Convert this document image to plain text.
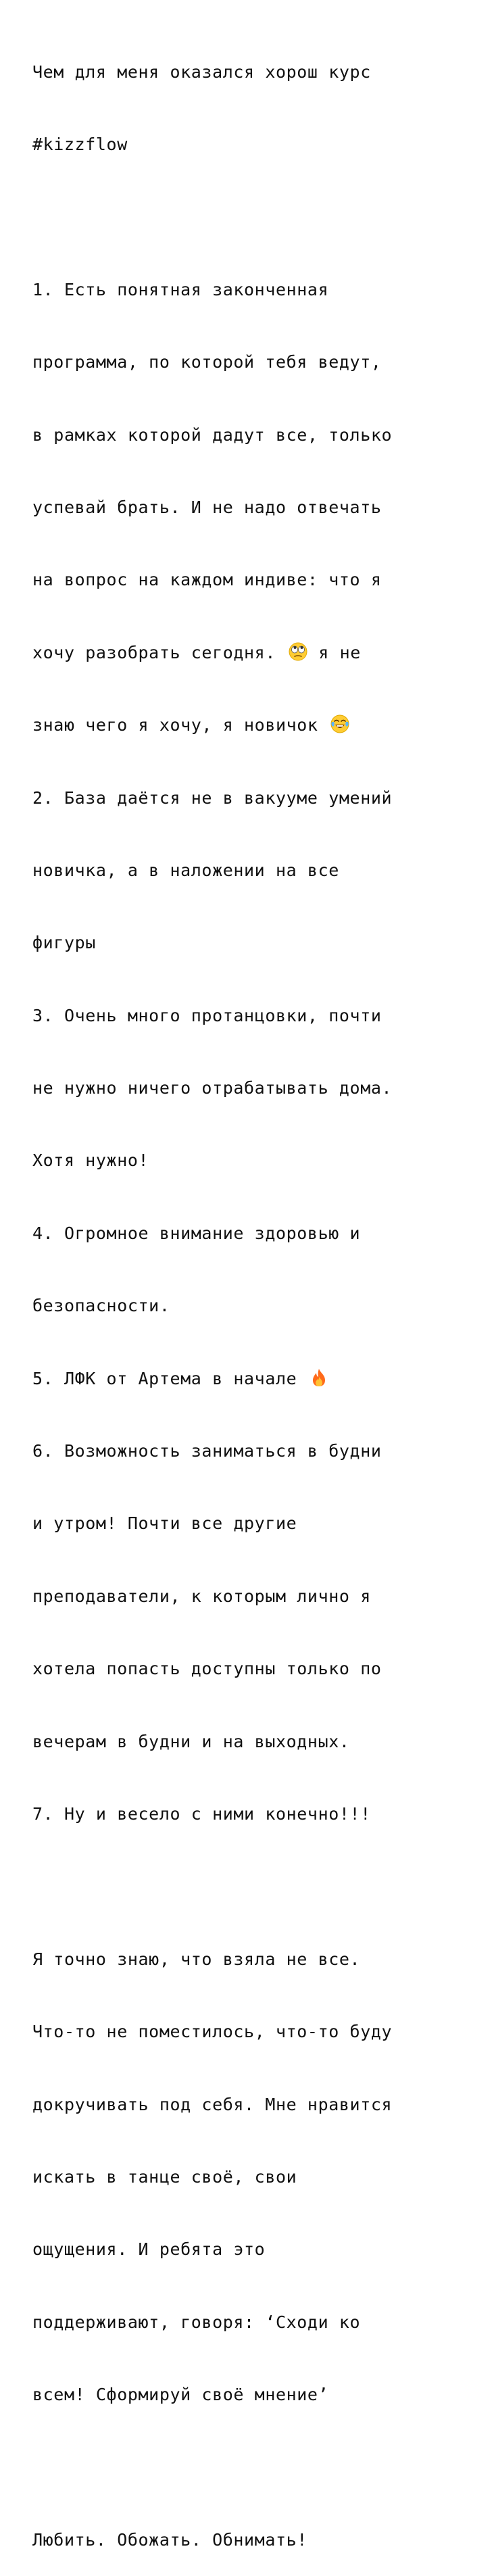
Чем для меня оказался хорош курс

#kizzflow

1. Есть понятная законченная

программа, по которой тебя ведут,

в рамках которой дадут все, только

успевай брать. И не надо отвечать

на вопрос на каждом индиве: что я

хочу разобрать сегодня.
я не

знаю чего я хочу, я новичок

2. База даётся не в вакууме умений

новичка, а в наложении на все

фигуры

3. Очень много протанцовки, почти

не нужно ничего отрабатывать дома.

Хотя нужно!

4. Огромное внимание здоровью и

безопасности.

5. ЛФК от Артема в начале

6. Возможность заниматься в будни

и утром! Почти все другие

преподаватели, к которым лично я

хотела попасть доступны только по

вечерам в будни и на выходных.

7. Ну и весело с ними конечно!!!

Я точно знаю, что взяла не все.

Что-то не поместилось, что-то буду

докручивать под себя. Мне нравится

искать в танце своё, свои

ощущения. И ребята это

поддерживают, говоря: ‘Сходи ко

всем! Сформируй своё мнение’

Любить. Обожать. Обнимать!
